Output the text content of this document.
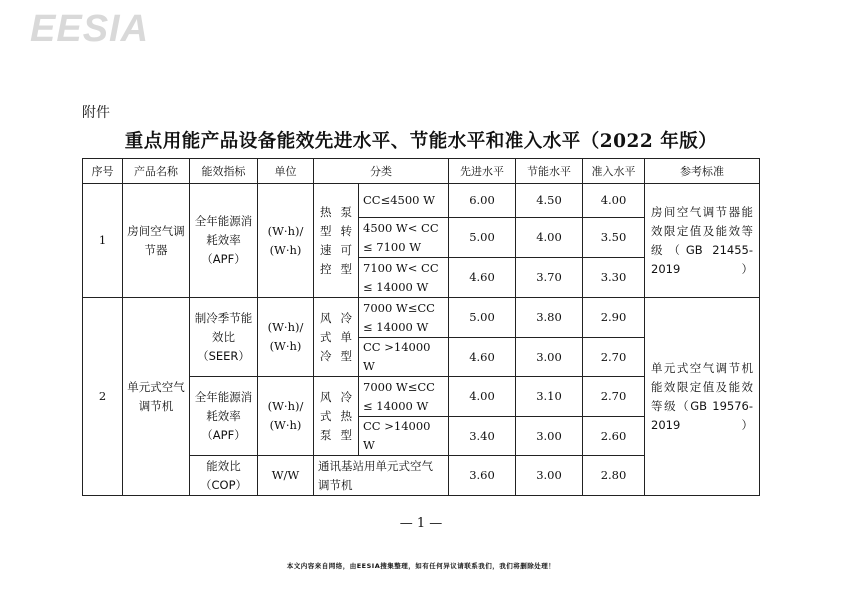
EESIA
附件
重点用能产品设备能效先进水平、节能水平和准入水平（2022 年版）
序号	产品名称	能效指标	单位	分类		先进水平	节能水平	准入水平	参考标准
1	房间空气调节器	全年能源消耗效率（APF）	(W·h)/ (W·h)	热泵型转速可控型	CC≤4500 W	6.00	4.50	4.00	房间空气调节器能效限定值及能效等级（GB 21455-2019）
					4500 W< CC ≤ 7100 W	5.00	4.00	3.50	
					7100 W< CC ≤ 14000 W	4.60	3.70	3.30	
2	单元式空气调节机	制冷季节能效比（SEER）	(W·h)/ (W·h)	风冷式单冷型	7000 W≤CC ≤ 14000 W	5.00	3.80	2.90	单元式空气调节机能效限定值及能效等级（GB 19576-2019）
					CC >14000 W	4.60	3.00	2.70	
		全年能源消耗效率（APF）	(W·h)/ (W·h)	风冷式热泵型	7000 W≤CC ≤ 14000 W	4.00	3.10	2.70	
					CC >14000 W	3.40	3.00	2.60	
		能效比（COP）	W/W	通讯基站用单元式空气调节机		3.60	3.00	2.80	
— 1 —
本文内容来自网络，由EESIA搜集整理，如有任何异议请联系我们，我们将删除处理！
